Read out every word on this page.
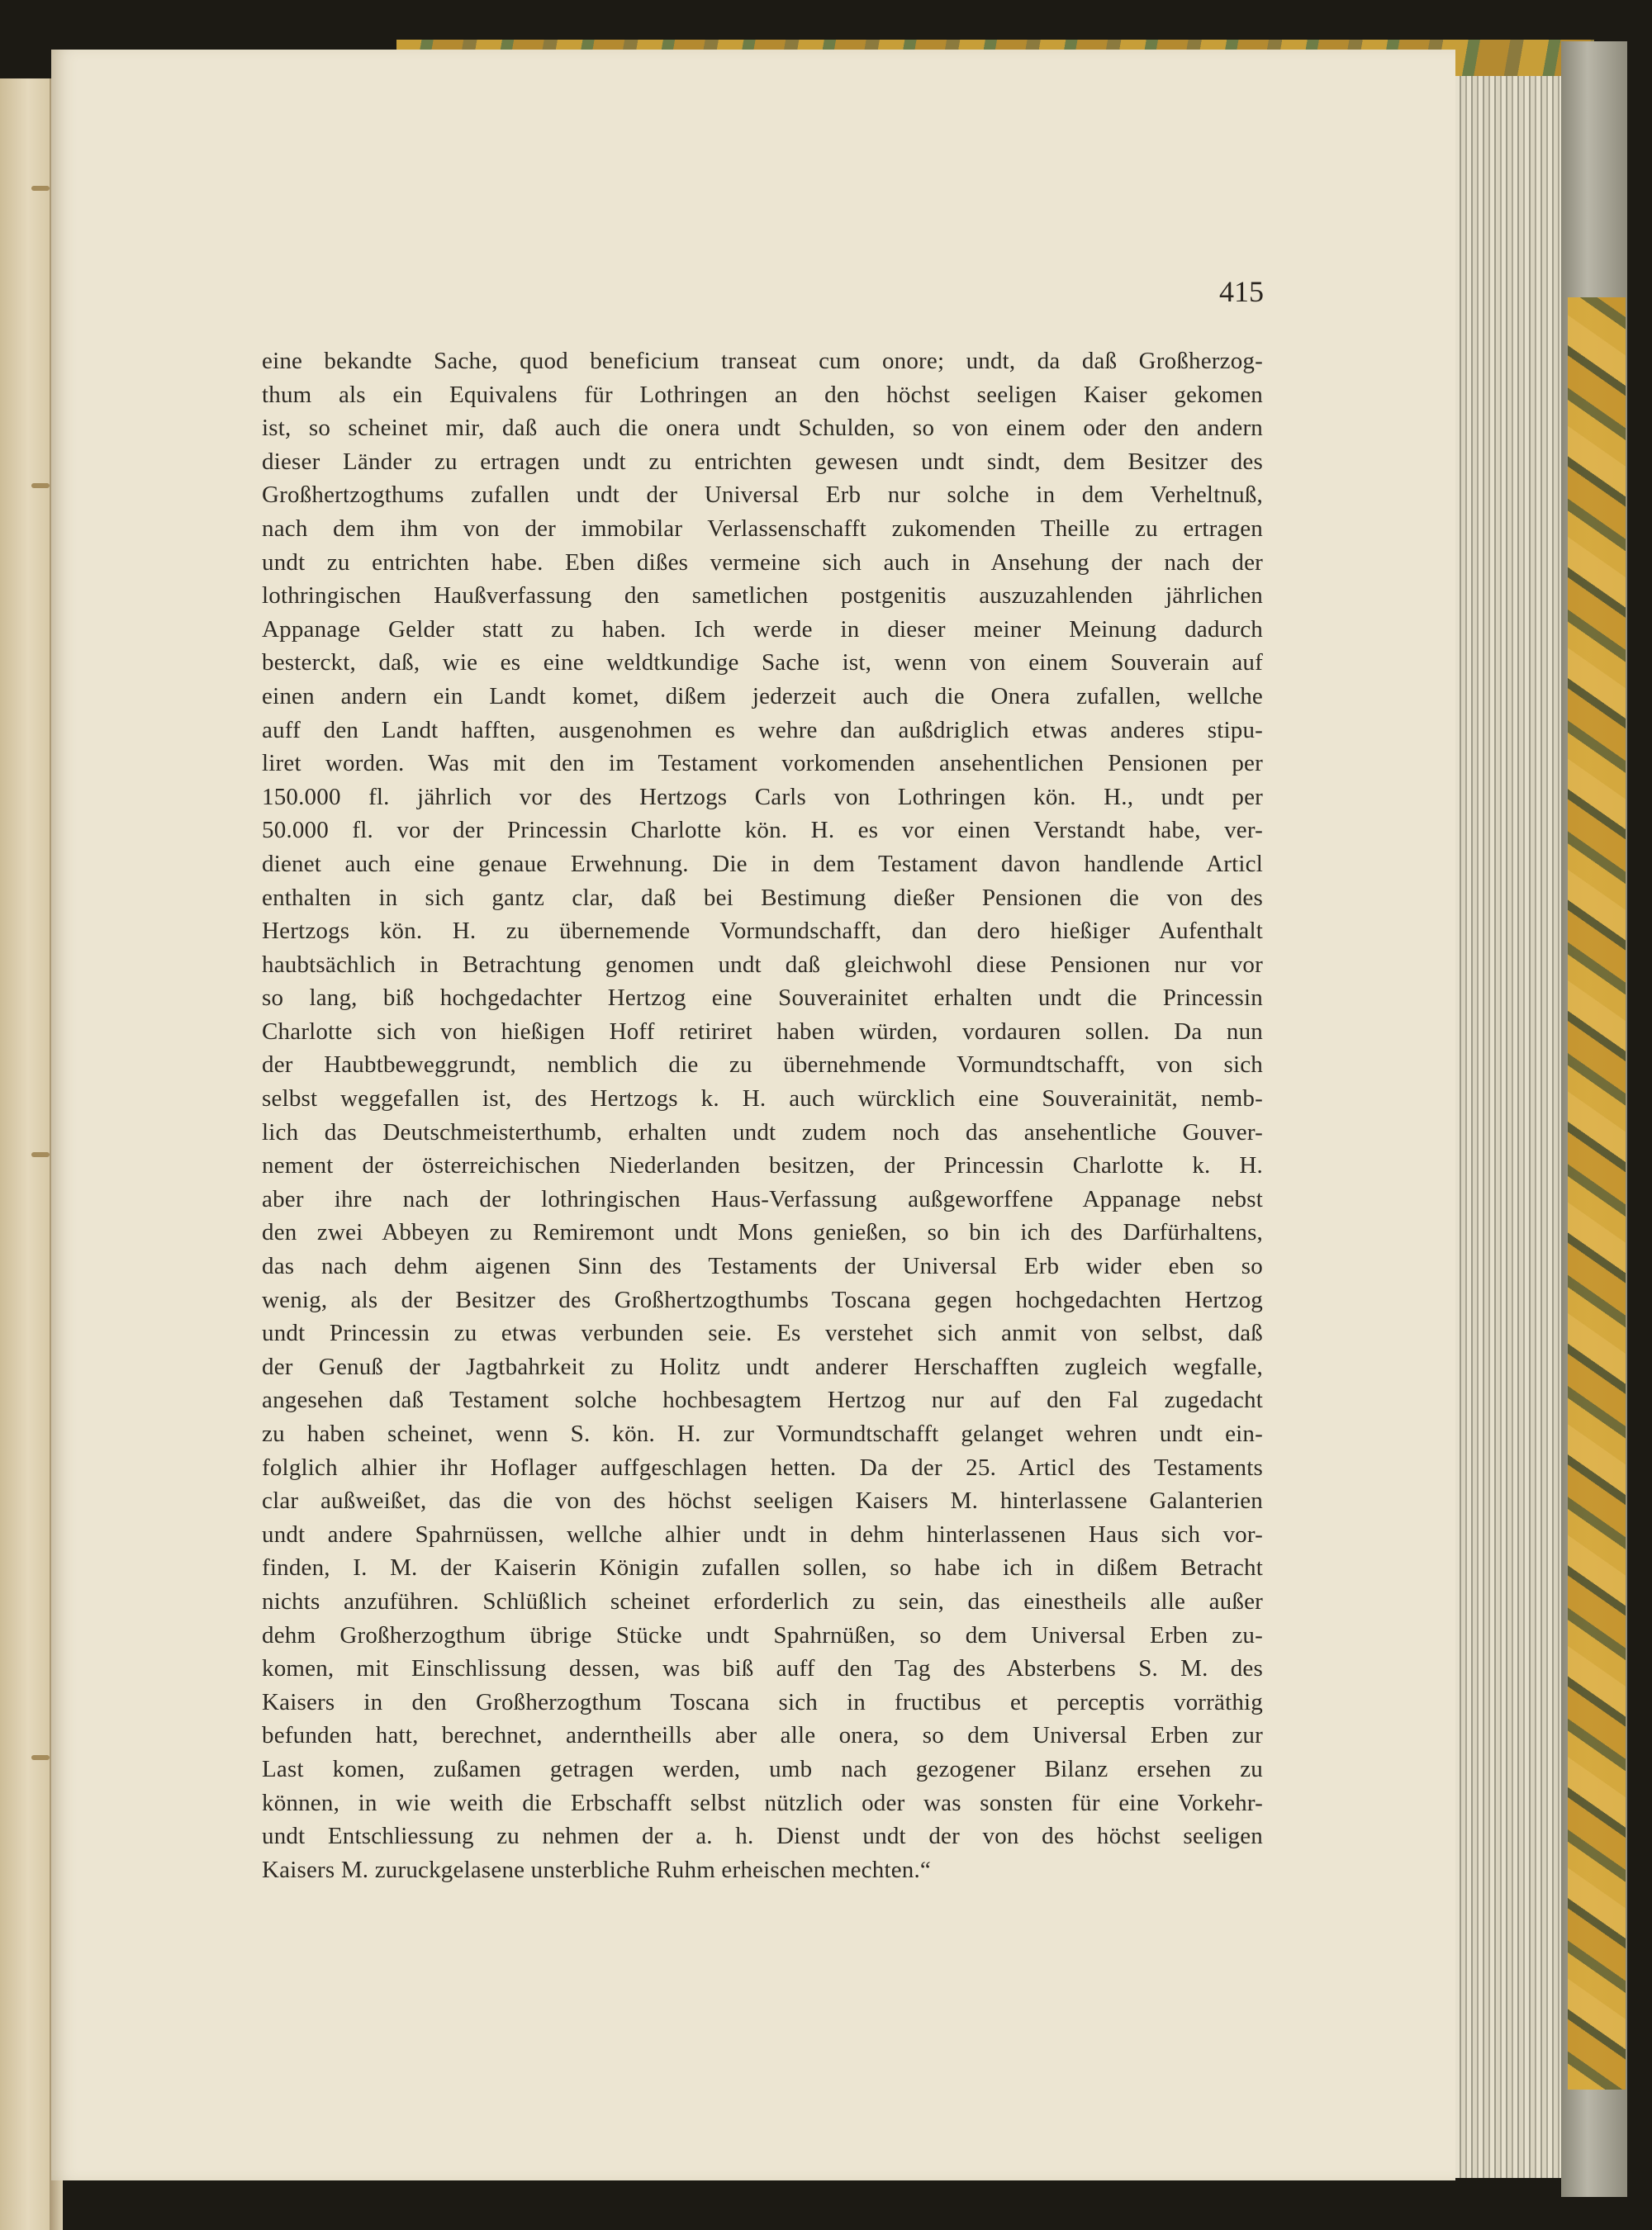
415
eine bekandte Sache, quod beneficium transeat cum onore; undt, da daß Großherzog-
thum als ein Equivalens für Lothringen an den höchst seeligen Kaiser gekomen
ist, so scheinet mir, daß auch die onera undt Schulden, so von einem oder den andern
dieser Länder zu ertragen undt zu entrichten gewesen undt sindt, dem Besitzer des
Großhertzogthums zufallen undt der Universal Erb nur solche in dem Verheltnuß,
nach dem ihm von der immobilar Verlassenschafft zukomenden Theille zu ertragen
undt zu entrichten habe. Eben dißes vermeine sich auch in Ansehung der nach der
lothringischen Haußverfassung den sametlichen postgenitis auszuzahlenden jährlichen
Appanage Gelder statt zu haben. Ich werde in dieser meiner Meinung dadurch
besterckt, daß, wie es eine weldtkundige Sache ist, wenn von einem Souverain auf
einen andern ein Landt komet, dißem jederzeit auch die Onera zufallen, wellche
auff den Landt hafften, ausgenohmen es wehre dan außdriglich etwas anderes stipu-
liret worden. Was mit den im Testament vorkomenden ansehentlichen Pensionen per
150.000 fl. jährlich vor des Hertzogs Carls von Lothringen kön. H., undt per
50.000 fl. vor der Princessin Charlotte kön. H. es vor einen Verstandt habe, ver-
dienet auch eine genaue Erwehnung. Die in dem Testament davon handlende Articl
enthalten in sich gantz clar, daß bei Bestimung dießer Pensionen die von des
Hertzogs kön. H. zu übernemende Vormundschafft, dan dero hießiger Aufenthalt
haubtsächlich in Betrachtung genomen undt daß gleichwohl diese Pensionen nur vor
so lang, biß hochgedachter Hertzog eine Souverainitet erhalten undt die Princessin
Charlotte sich von hießigen Hoff retiriret haben würden, vordauren sollen. Da nun
der Haubtbeweggrundt, nemblich die zu übernehmende Vormundtschafft, von sich
selbst weggefallen ist, des Hertzogs k. H. auch würcklich eine Souverainität, nemb-
lich das Deutschmeisterthumb, erhalten undt zudem noch das ansehentliche Gouver-
nement der österreichischen Niederlanden besitzen, der Princessin Charlotte k. H.
aber ihre nach der lothringischen Haus-Verfassung außgeworffene Appanage nebst
den zwei Abbeyen zu Remiremont undt Mons genießen, so bin ich des Darfürhaltens,
das nach dehm aigenen Sinn des Testaments der Universal Erb wider eben so
wenig, als der Besitzer des Großhertzogthumbs Toscana gegen hochgedachten Hertzog
undt Princessin zu etwas verbunden seie. Es verstehet sich anmit von selbst, daß
der Genuß der Jagtbahrkeit zu Holitz undt anderer Herschafften zugleich wegfalle,
angesehen daß Testament solche hochbesagtem Hertzog nur auf den Fal zugedacht
zu haben scheinet, wenn S. kön. H. zur Vormundtschafft gelanget wehren undt ein-
folglich alhier ihr Hoflager auffgeschlagen hetten. Da der 25. Articl des Testaments
clar außweißet, das die von des höchst seeligen Kaisers M. hinterlassene Galanterien
undt andere Spahrnüssen, wellche alhier undt in dehm hinterlassenen Haus sich vor-
finden, I. M. der Kaiserin Königin zufallen sollen, so habe ich in dißem Betracht
nichts anzuführen. Schlüßlich scheinet erforderlich zu sein, das einestheils alle außer
dehm Großherzogthum übrige Stücke undt Spahrnüßen, so dem Universal Erben zu-
komen, mit Einschlissung dessen, was biß auff den Tag des Absterbens S. M. des
Kaisers in den Großherzogthum Toscana sich in fructibus et perceptis vorräthig
befunden hatt, berechnet, anderntheills aber alle onera, so dem Universal Erben zur
Last komen, zußamen getragen werden, umb nach gezogener Bilanz ersehen zu
können, in wie weith die Erbschafft selbst nützlich oder was sonsten für eine Vorkehr-
undt Entschliessung zu nehmen der a. h. Dienst undt der von des höchst seeligen
Kaisers M. zuruckgelasene unsterbliche Ruhm erheischen mechten.“
